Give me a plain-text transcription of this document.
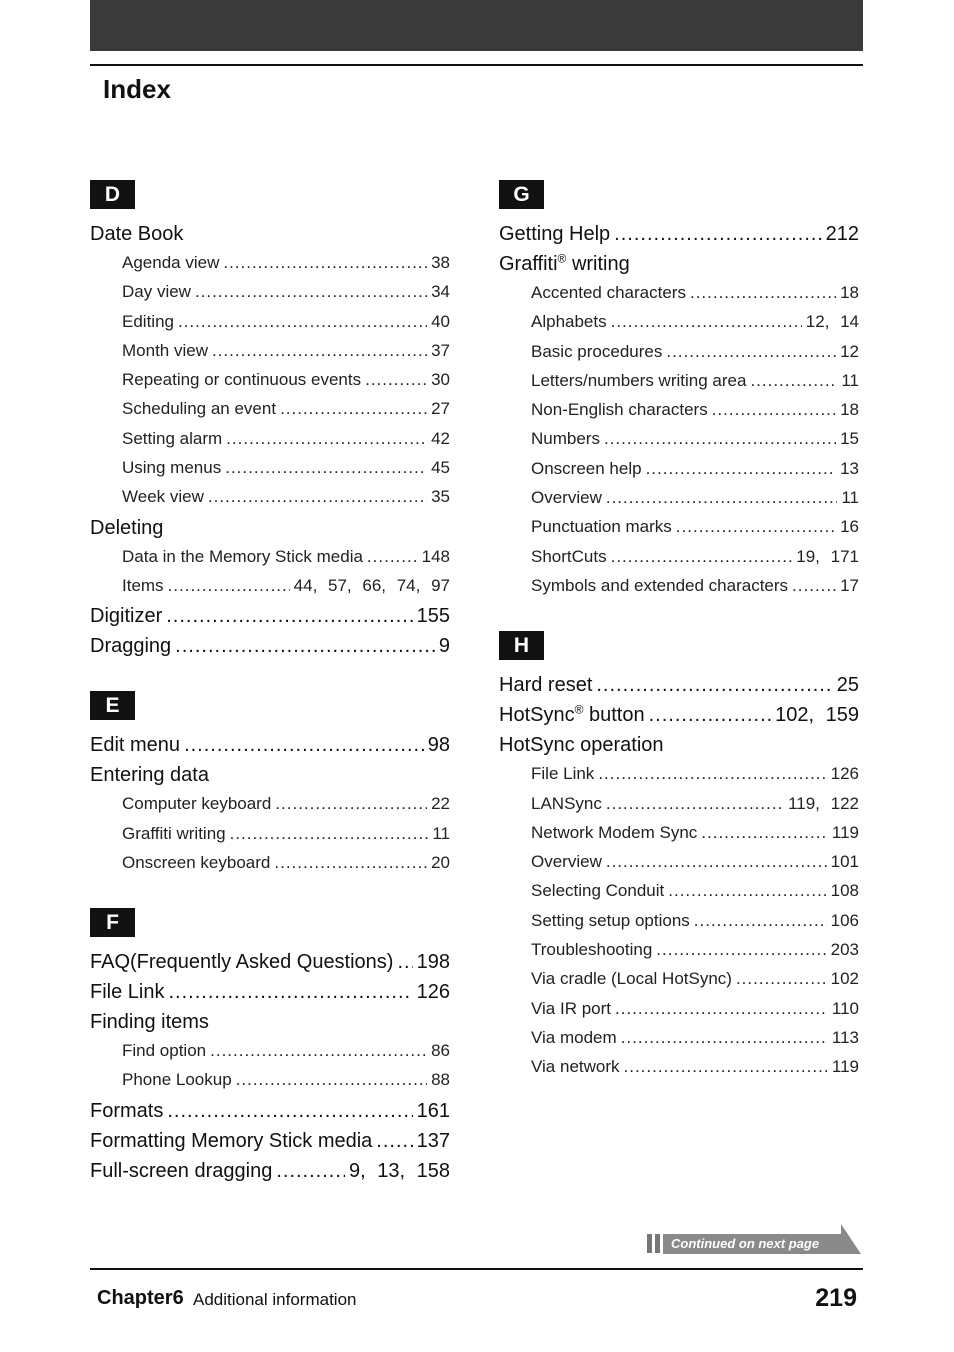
Index
D
Date Book
Agenda view .....	38
Day view .....	34
Editing .....	40
Month view .....	37
Repeating or continuous events .....	30
Scheduling an event .....	27
Setting alarm .....	42
Using menus .....	45
Week view .....	35
Deleting
Data in the Memory Stick media .....	148
Items .....	44, 57, 66, 74, 97
Digitizer .....	155
Dragging .....	9
E
Edit menu .....	98
Entering data
Computer keyboard .....	22
Graffiti writing .....	11
Onscreen keyboard .....	20
F
FAQ(Frequently Asked Questions) ..... 198
File Link .....	126
Finding items
Find option .....	86
Phone Lookup .....	88
Formats .....	161
Formatting Memory Stick media ..... 137
Full-screen dragging .....	9, 13, 158
G
Getting Help .....	212
Graffiti® writing
Accented characters .....	18
Alphabets .....	12, 14
Basic procedures .....	12
Letters/numbers writing area .....	11
Non-English characters .....	18
Numbers .....	15
Onscreen help .....	13
Overview .....	11
Punctuation marks .....	16
ShortCuts .....	19, 171
Symbols and extended characters .....	17
H
Hard reset .....	25
HotSync® button .....	102, 159
HotSync operation
File Link .....	126
LANSync .....	119, 122
Network Modem Sync .....	119
Overview .....	101
Selecting Conduit .....	108
Setting setup options .....	106
Troubleshooting .....	203
Via cradle (Local HotSync) .....	102
Via IR port .....	110
Via modem .....	113
Via network .....	119
Continued on next page
Chapter6 Additional information	219
